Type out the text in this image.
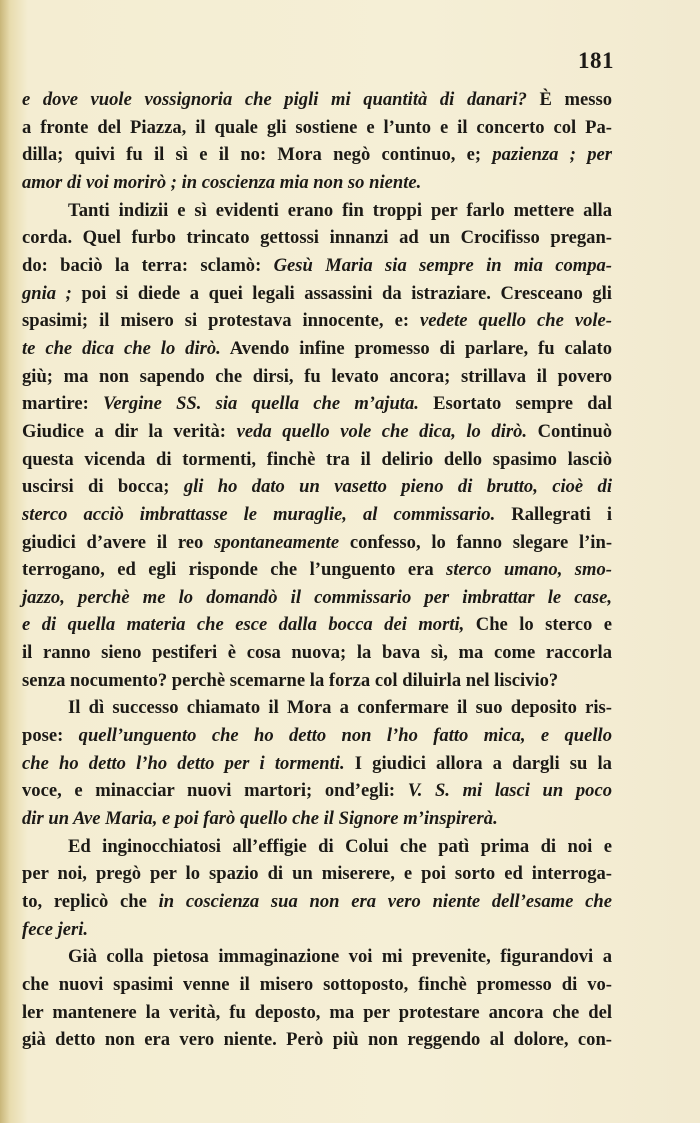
181

e dove vuole vossignoria che pigli mi quantità di danari? È messo
a fronte del Piazza, il quale gli sostiene e l’unto e il concerto col Pa-
dilla; quivi fu il sì e il no: Mora negò continuo, e; pazienza ; per
amor di voi morirò ; in coscienza mia non so niente.

Tanti indizii e sì evidenti erano fin troppi per farlo mettere alla
corda. Quel furbo trincato gettossi innanzi ad un Crocifisso pregan-
do: baciò la terra: sclamò: Gesù Maria sia sempre in mia compa-
gnia ; poi si diede a quei legali assassini da istraziare. Cresceano gli
spasimi; il misero si protestava innocente, e: vedete quello che vole-
te che dica che lo dirò. Avendo infine promesso di parlare, fu calato
giù; ma non sapendo che dirsi, fu levato ancora; strillava il povero
martire: Vergine SS. sia quella che m’ajuta. Esortato sempre dal
Giudice a dir la verità: veda quello vole che dica, lo dirò. Continuò
questa vicenda di tormenti, finchè tra il delirio dello spasimo lasciò
uscirsi di bocca; gli ho dato un vasetto pieno di brutto, cioè di
sterco acciò imbrattasse le muraglie, al commissario. Rallegrati i
giudici d’avere il reo spontaneamente confesso, lo fanno slegare l’in-
terrogano, ed egli risponde che l’unguento era sterco umano, smo-
jazzo, perchè me lo domandò il commissario per imbrattar le case,
e di quella materia che esce dalla bocca dei morti, Che lo sterco e
il ranno sieno pestiferi è cosa nuova; la bava sì, ma come raccorla
senza nocumento? perchè scemarne la forza col diluirla nel liscivio?

Il dì successo chiamato il Mora a confermare il suo deposito ris-
pose: quell’unguento che ho detto non l’ho fatto mica, e quello
che ho detto l’ho detto per i tormenti. I giudici allora a dargli su la
voce, e minacciar nuovi martori; ond’egli: V. S. mi lasci un poco
dir un Ave Maria, e poi farò quello che il Signore m’inspirerà.

Ed inginocchiatosi all’effigie di Colui che patì prima di noi e
per noi, pregò per lo spazio di un miserere, e poi sorto ed interroga-
to, replicò che in coscienza sua non era vero niente dell’esame che
fece jeri.

Già colla pietosa immaginazione voi mi prevenite, figurandovi a
che nuovi spasimi venne il misero sottoposto, finchè promesso di vo-
ler mantenere la verità, fu deposto, ma per protestare ancora che del
già detto non era vero niente. Però più non reggendo al dolore, con-
